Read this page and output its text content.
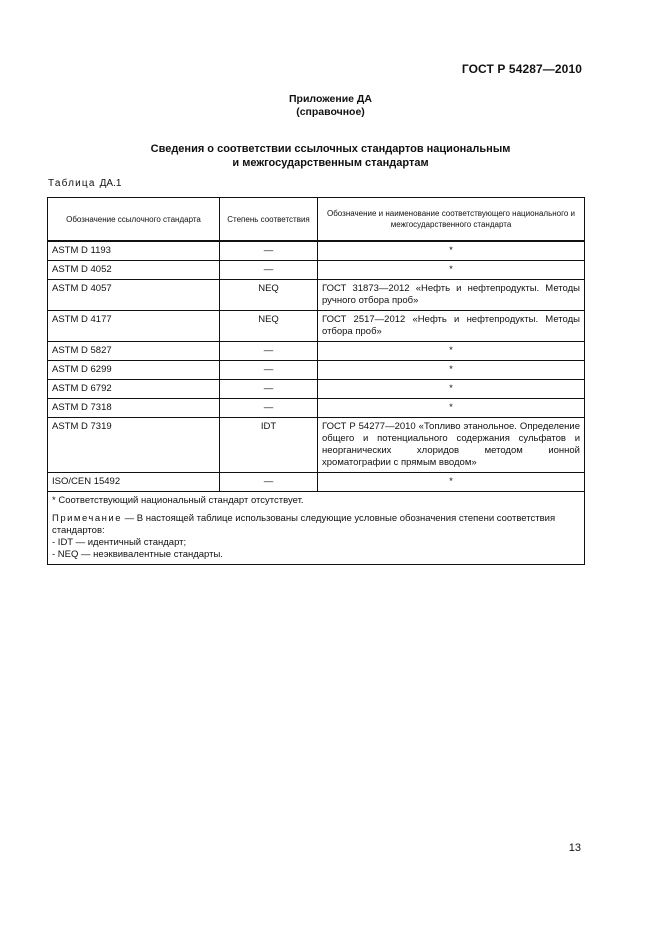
ГОСТ Р 54287—2010
Приложение ДА
(справочное)
Сведения о соответствии ссылочных стандартов национальным
и межгосударственным стандартам
Таблица ДА.1
Обозначение ссылочного стандарта	Степень соответствия	Обозначение и наименование соответствующего национального и межгосударственного стандарта
ASTM D 1193	—	*
ASTM D 4052	—	*
ASTM D 4057	NEQ	ГОСТ 31873—2012 «Нефть и нефтепродукты. Методы ручного отбора проб»
ASTM D 4177	NEQ	ГОСТ 2517—2012 «Нефть и нефтепродукты. Методы отбора проб»
ASTM D 5827	—	*
ASTM D 6299	—	*
ASTM D 6792	—	*
ASTM D 7318	—	*
ASTM D 7319	IDT	ГОСТ Р 54277—2010 «Топливо этанольное. Определение общего и потенциального содержания сульфатов и неорганических хлоридов методом ионной хроматографии с прямым вводом»
ISO/CEN 15492	—	*

* Соответствующий национальный стандарт отсутствует.

Примечание — В настоящей таблице использованы следующие условные обозначения степени соответствия стандартов:

- IDT — идентичный стандарт;

- NEQ — неэквивалентные стандарты.		

13
